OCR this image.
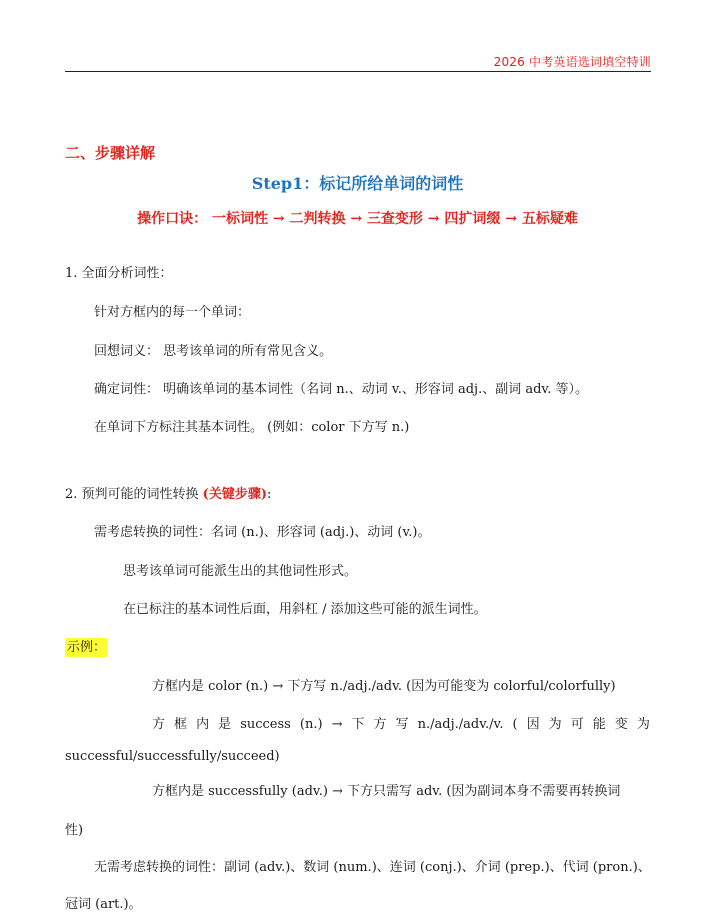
2026 中考英语选词填空特训
二、步骤详解
Step1：标记所给单词的词性
操作口诀： 一标词性 → 二判转换 → 三查变形 → 四扩词缀 → 五标疑难
1. 全面分析词性：
针对方框内的每一个单词：
回想词义： 思考该单词的所有常见含义。
确定词性： 明确该单词的基本词性（名词 n.、动词 v.、形容词 adj.、副词 adv. 等）。
在单词下方标注其基本词性。 (例如：color 下方写 n.)
2. 预判可能的词性转换 (关键步骤):
需考虑转换的词性：名词 (n.)、形容词 (adj.)、动词 (v.)。
思考该单词可能派生出的其他词性形式。
在已标注的基本词性后面，用斜杠 / 添加这些可能的派生词性。
示例：
方框内是 color (n.) → 下方写 n./adj./adv. (因为可能变为 colorful/colorfully)
方 框 内 是 success (n.) → 下 方 写 n./adj./adv./v. ( 因 为 可 能 变 为
successful/successfully/succeed)
方框内是 successfully (adv.) → 下方只需写 adv. (因为副词本身不需要再转换词
性)
无需考虑转换的词性：副词 (adv.)、数词 (num.)、连词 (conj.)、介词 (prep.)、代词 (pron.)、
冠词 (art.)。
